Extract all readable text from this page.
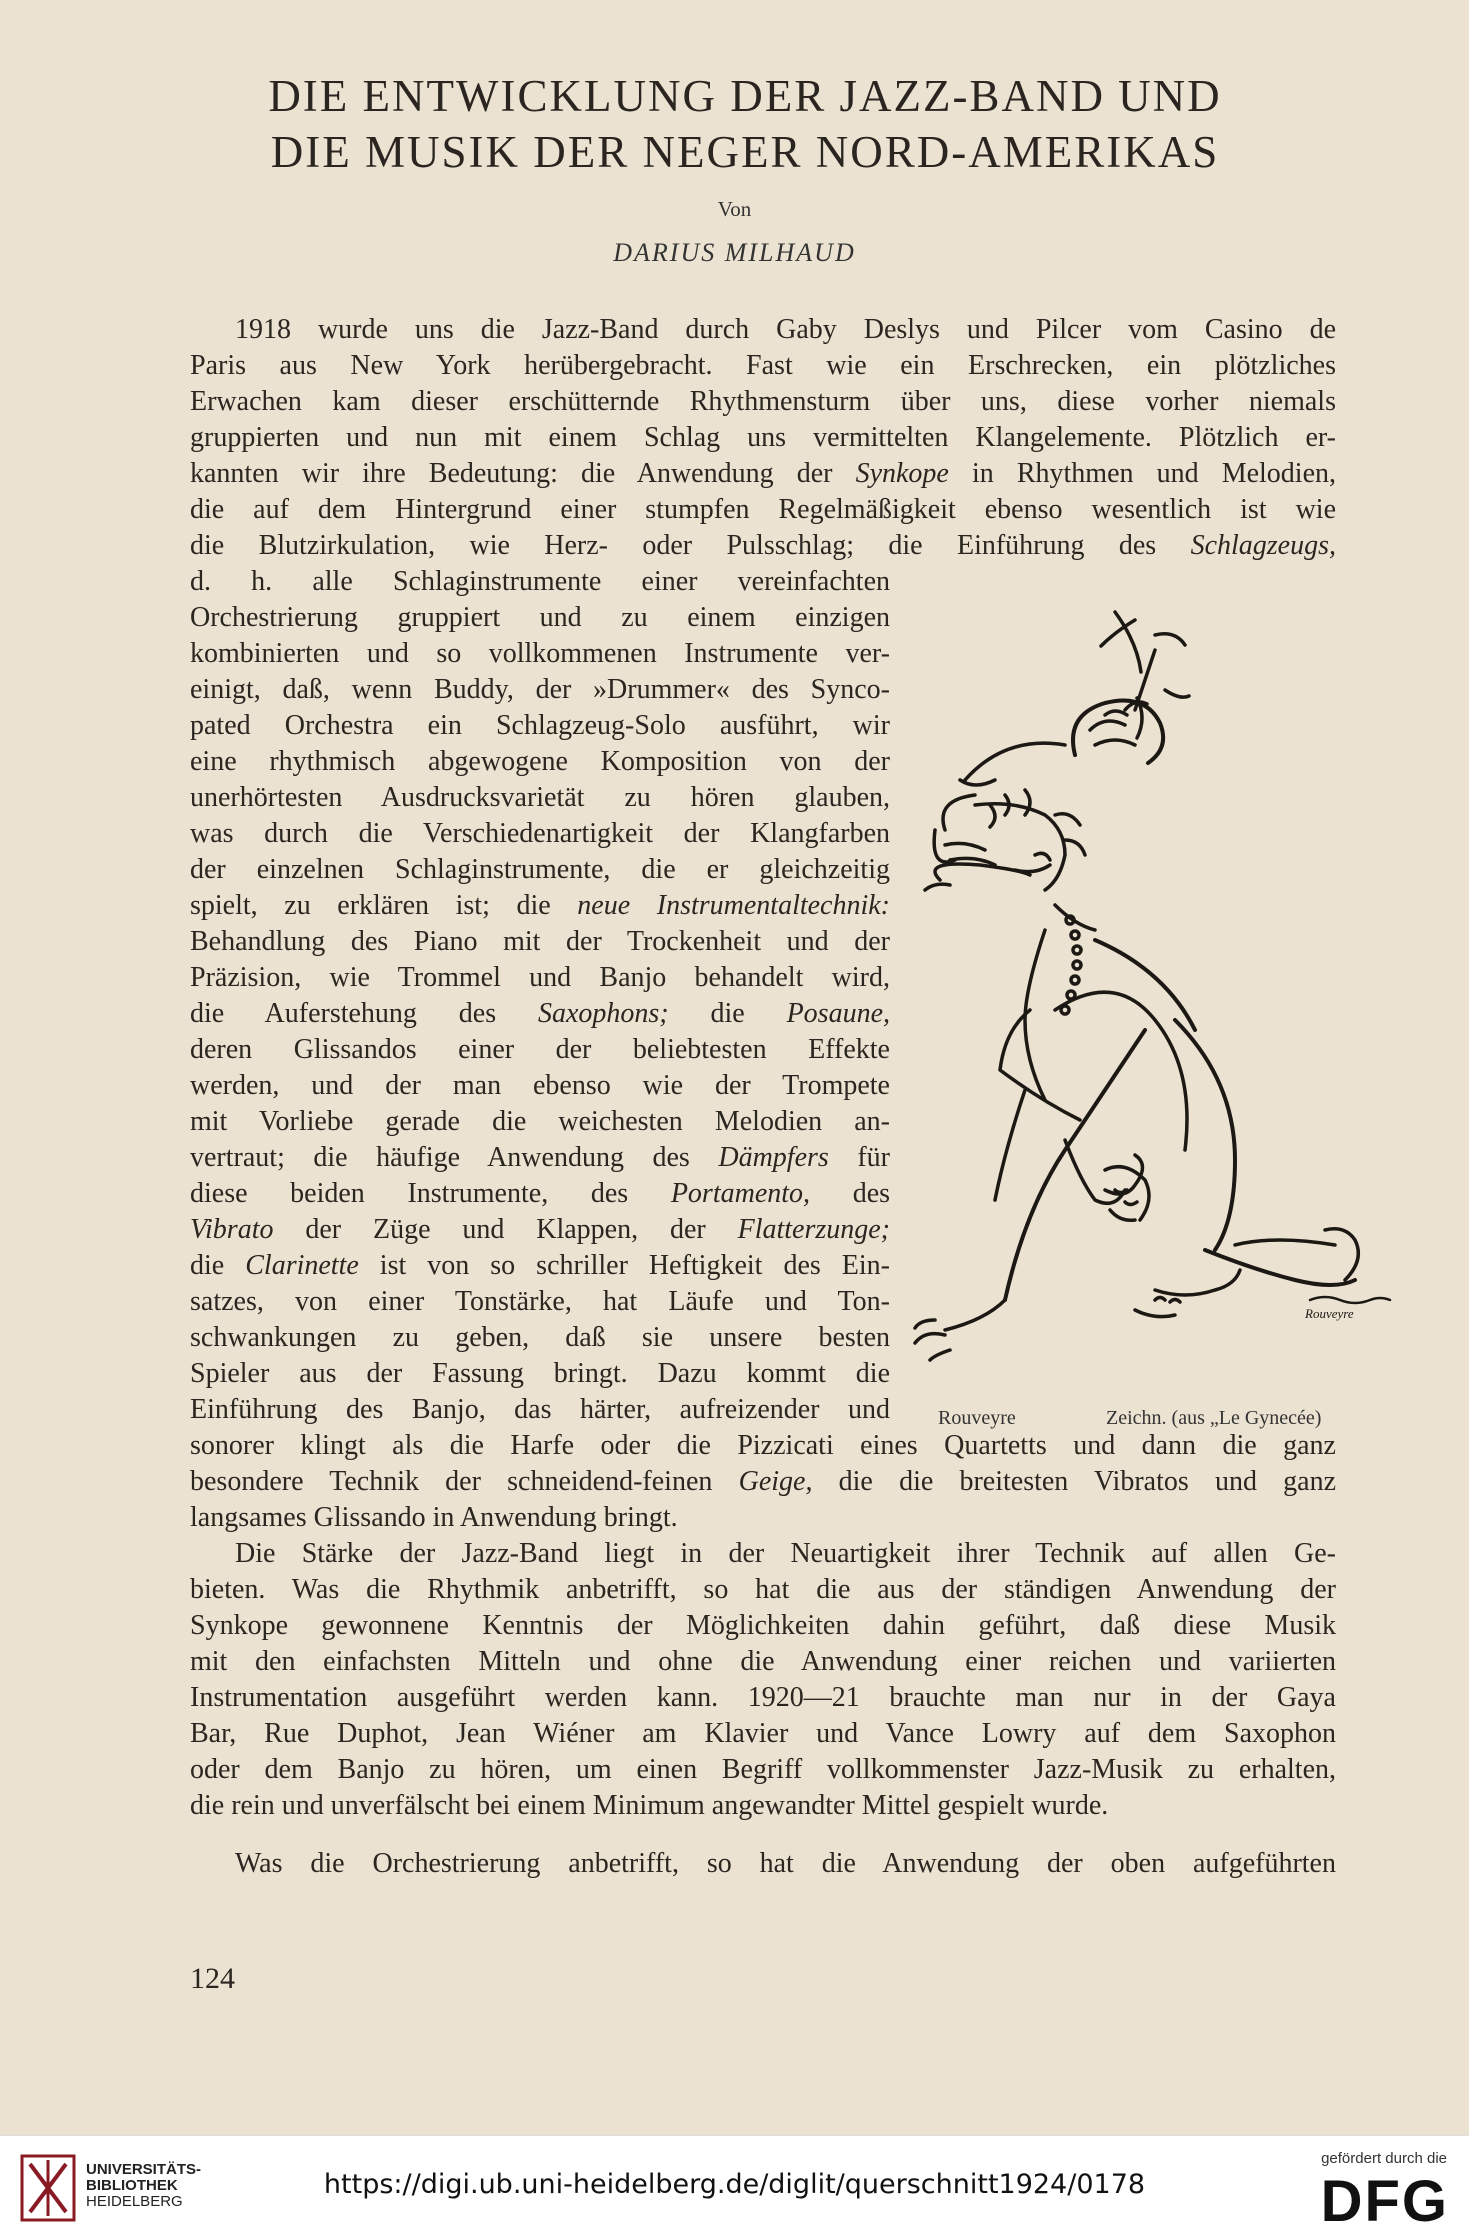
DIE ENTWICKLUNG DER JAZZ-BAND UND
DIE MUSIK DER NEGER NORD-AMERIKAS
Von
DARIUS MILHAUD
1918 wurde uns die Jazz-Band durch Gaby Deslys und Pilcer vom Casino de
Paris aus New York herübergebracht. Fast wie ein Erschrecken, ein plötzliches
Erwachen kam dieser erschütternde Rhythmensturm über uns, diese vorher niemals
gruppierten und nun mit einem Schlag uns vermittelten Klangelemente. Plötzlich er-
kannten wir ihre Bedeutung: die Anwendung der Synkope in Rhythmen und Melodien,
die auf dem Hintergrund einer stumpfen Regelmäßigkeit ebenso wesentlich ist wie
die Blutzirkulation, wie Herz- oder Pulsschlag; die Einführung des Schlagzeugs,
d. h. alle Schlaginstrumente einer vereinfachten
Orchestrierung gruppiert und zu einem einzigen
kombinierten und so vollkommenen Instrumente ver-
einigt, daß, wenn Buddy, der »Drummer« des Synco-
pated Orchestra ein Schlagzeug-Solo ausführt, wir
eine rhythmisch abgewogene Komposition von der
unerhörtesten Ausdrucksvarietät zu hören glauben,
was durch die Verschiedenartigkeit der Klangfarben
der einzelnen Schlaginstrumente, die er gleichzeitig
spielt, zu erklären ist; die neue Instrumentaltechnik:
Behandlung des Piano mit der Trockenheit und der
Präzision, wie Trommel und Banjo behandelt wird,
die Auferstehung des Saxophons; die Posaune,
deren Glissandos einer der beliebtesten Effekte
werden, und der man ebenso wie der Trompete
mit Vorliebe gerade die weichesten Melodien an-
vertraut; die häufige Anwendung des Dämpfers für
diese beiden Instrumente, des Portamento, des
Vibrato der Züge und Klappen, der Flatterzunge;
die Clarinette ist von so schriller Heftigkeit des Ein-
satzes, von einer Tonstärke, hat Läufe und Ton-
schwankungen zu geben, daß sie unsere besten
Spieler aus der Fassung bringt. Dazu kommt die
Einführung des Banjo, das härter, aufreizender und
sonorer klingt als die Harfe oder die Pizzicati eines Quartetts und dann die ganz
besondere Technik der schneidend-feinen Geige, die die breitesten Vibratos und ganz
langsames Glissando in Anwendung bringt.
Die Stärke der Jazz-Band liegt in der Neuartigkeit ihrer Technik auf allen Ge-
bieten. Was die Rhythmik anbetrifft, so hat die aus der ständigen Anwendung der
Synkope gewonnene Kenntnis der Möglichkeiten dahin geführt, daß diese Musik
mit den einfachsten Mitteln und ohne die Anwendung einer reichen und variierten
Instrumentation ausgeführt werden kann. 1920—21 brauchte man nur in der Gaya
Bar, Rue Duphot, Jean Wiéner am Klavier und Vance Lowry auf dem Saxophon
oder dem Banjo zu hören, um einen Begriff vollkommenster Jazz-Musik zu erhalten,
die rein und unverfälscht bei einem Minimum angewandter Mittel gespielt wurde.
Was die Orchestrierung anbetrifft, so hat die Anwendung der oben aufgeführten
Rouveyre
Rouveyre	Zeichn. (aus „Le Gynecée)
124
UNIVERSITÄTS-
BIBLIOTHEK
HEIDELBERG
https://digi.ub.uni-heidelberg.de/diglit/querschnitt1924/0178
gefördert durch die
DFG
